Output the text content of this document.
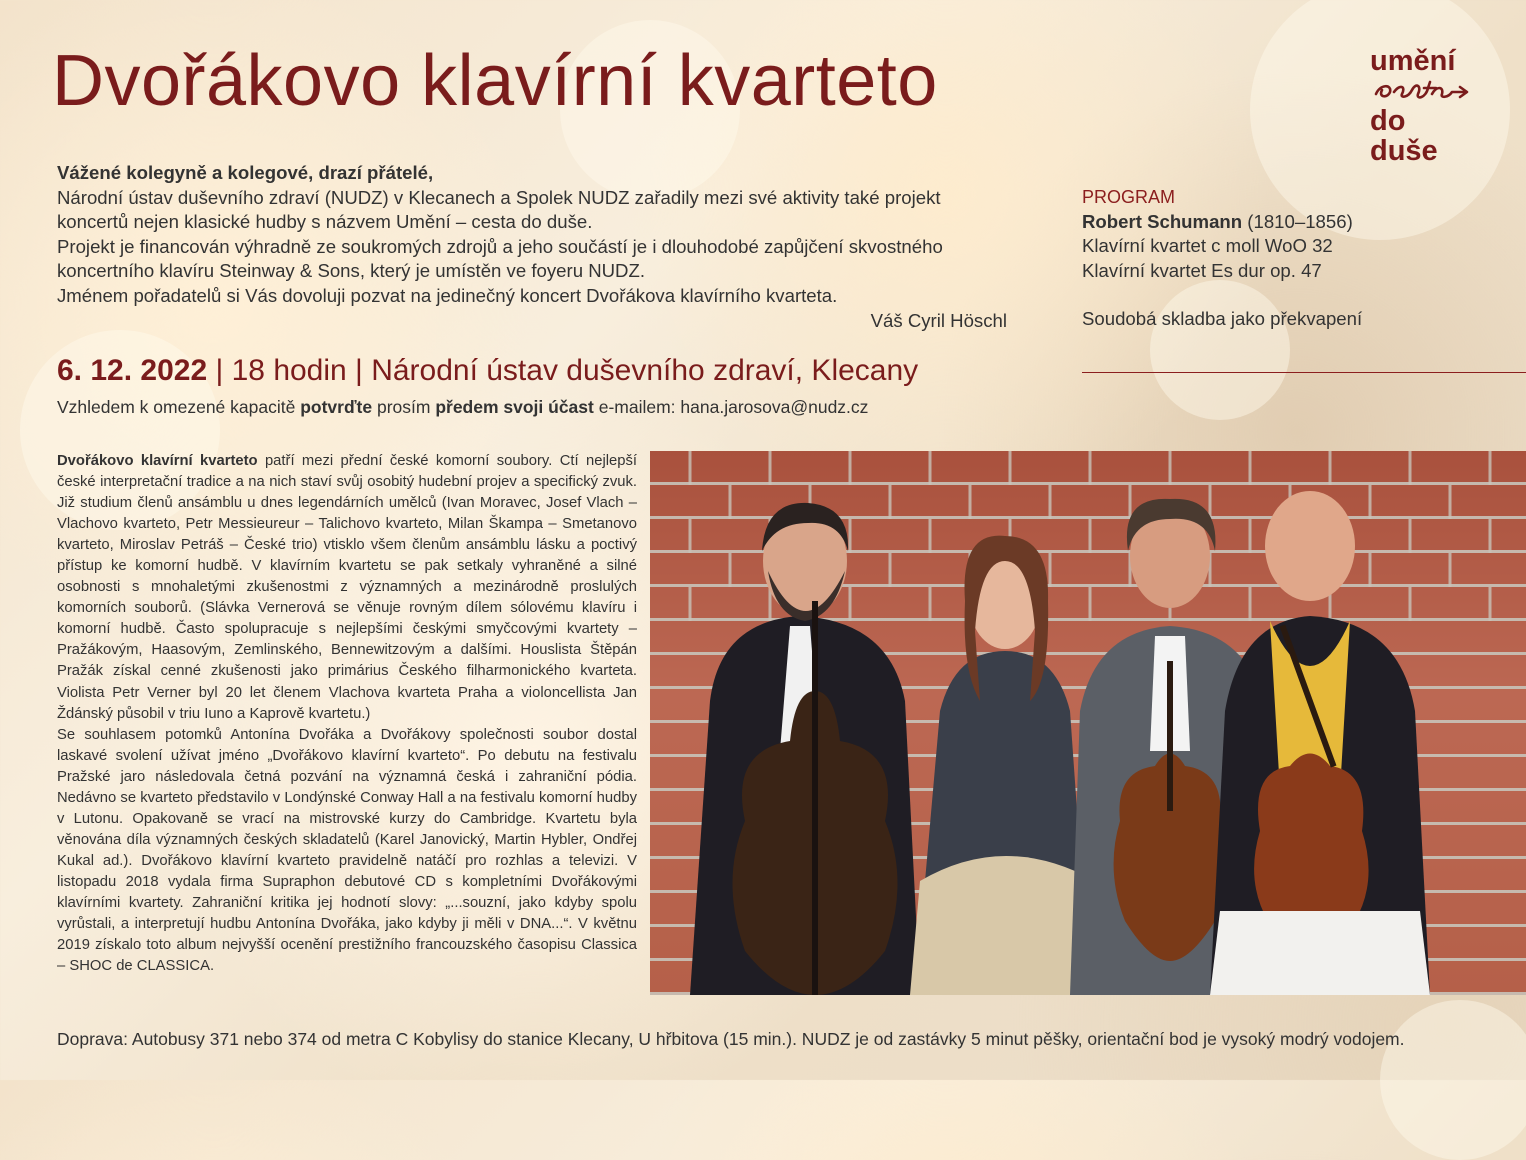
Dvořákovo klavírní kvarteto	umění
do duše

Vážené kolegyně a kolegové, drazí přátelé,

Národní ústav duševního zdraví (NUDZ) v Klecanech a Spolek NUDZ zařadily mezi své aktivity také projekt koncertů nejen klasické hudby s názvem Umění – cesta do duše.

Projekt je financován výhradně ze soukromých zdrojů a jeho součástí je i dlouhodobé zapůjčení skvostného koncertního klavíru Steinway & Sons, který je umístěn ve foyeru NUDZ.

Jménem pořadatelů si Vás dovoluji pozvat na jedinečný koncert Dvořákova klavírního kvarteta.

Váš Cyril Höschl

PROGRAM

Robert Schumann (1810–1856)

Klavírní kvartet c moll WoO 32

Klavírní kvartet Es dur op. 47

Soudobá skladba jako překvapení

6. 12. 2022 | 18 hodin | Národní ústav duševního zdraví, Klecany
Vzhledem k omezené kapacitě potvrďte prosím předem svoji účast e-mailem: hana.jarosova@nudz.cz
Dvořákovo klavírní kvarteto patří mezi přední české komorní soubory. Ctí nejlepší české interpretační tradice a na nich staví svůj osobitý hudební projev a specifický zvuk. Již studium členů ansámblu u dnes legendárních umělců (Ivan Moravec, Josef Vlach – Vlachovo kvarteto, Petr Messieureur – Talichovo kvarteto, Milan Škampa – Smetanovo kvarteto, Miroslav Petráš – České trio) vtisklo všem členům ansámblu lásku a poctivý přístup ke komorní hudbě. V klavírním kvartetu se pak setkaly vyhraněné a silné osobnosti s mnohaletými zkušenostmi z významných a mezinárodně proslulých komorních souborů. (Slávka Vernerová se věnuje rovným dílem sólovému klavíru i komorní hudbě. Často spolupracuje s nejlepšími českými smyčcovými kvartety – Pražákovým, Haasovým, Zemlinského, Bennewitzovým a dalšími. Houslista Štěpán Pražák získal cenné zkušenosti jako primárius Českého filharmonického kvarteta. Violista Petr Verner byl 20 let členem Vlachova kvarteta Praha a violoncellista Jan Ždánský působil v triu Iuno a Kaprově kvartetu.)
Se souhlasem potomků Antonína Dvořáka a Dvořákovy společnosti soubor dostal laskavé svolení užívat jméno „Dvořákovo klavírní kvarteto“. Po debutu na festivalu Pražské jaro následovala četná pozvání na významná česká i zahraniční pódia. Nedávno se kvarteto představilo v Londýnské Conway Hall a na festivalu komorní hudby v Lutonu. Opakovaně se vrací na mistrovské kurzy do Cambridge. Kvartetu byla věnována díla významných českých skladatelů (Karel Janovický, Martin Hybler, Ondřej Kukal ad.). Dvořákovo klavírní kvarteto pravidelně natáčí pro rozhlas a televizi. V listopadu 2018 vydala firma Supraphon debutové CD s kompletními Dvořákovými klavírními kvartety. Zahraniční kritika jej hodnotí slovy: „...souzní, jako kdyby spolu vyrůstali, a interpretují hudbu Antonína Dvořáka, jako kdyby ji měli v DNA...“. V květnu 2019 získalo toto album nejvyšší ocenění prestižního francouzského časopisu Classica – SHOC de CLASSICA.
Doprava: Autobusy 371 nebo 374 od metra C Kobylisy do stanice Klecany, U hřbitova (15 min.). NUDZ je od zastávky 5 minut pěšky, orientační bod je vysoký modrý vodojem.
